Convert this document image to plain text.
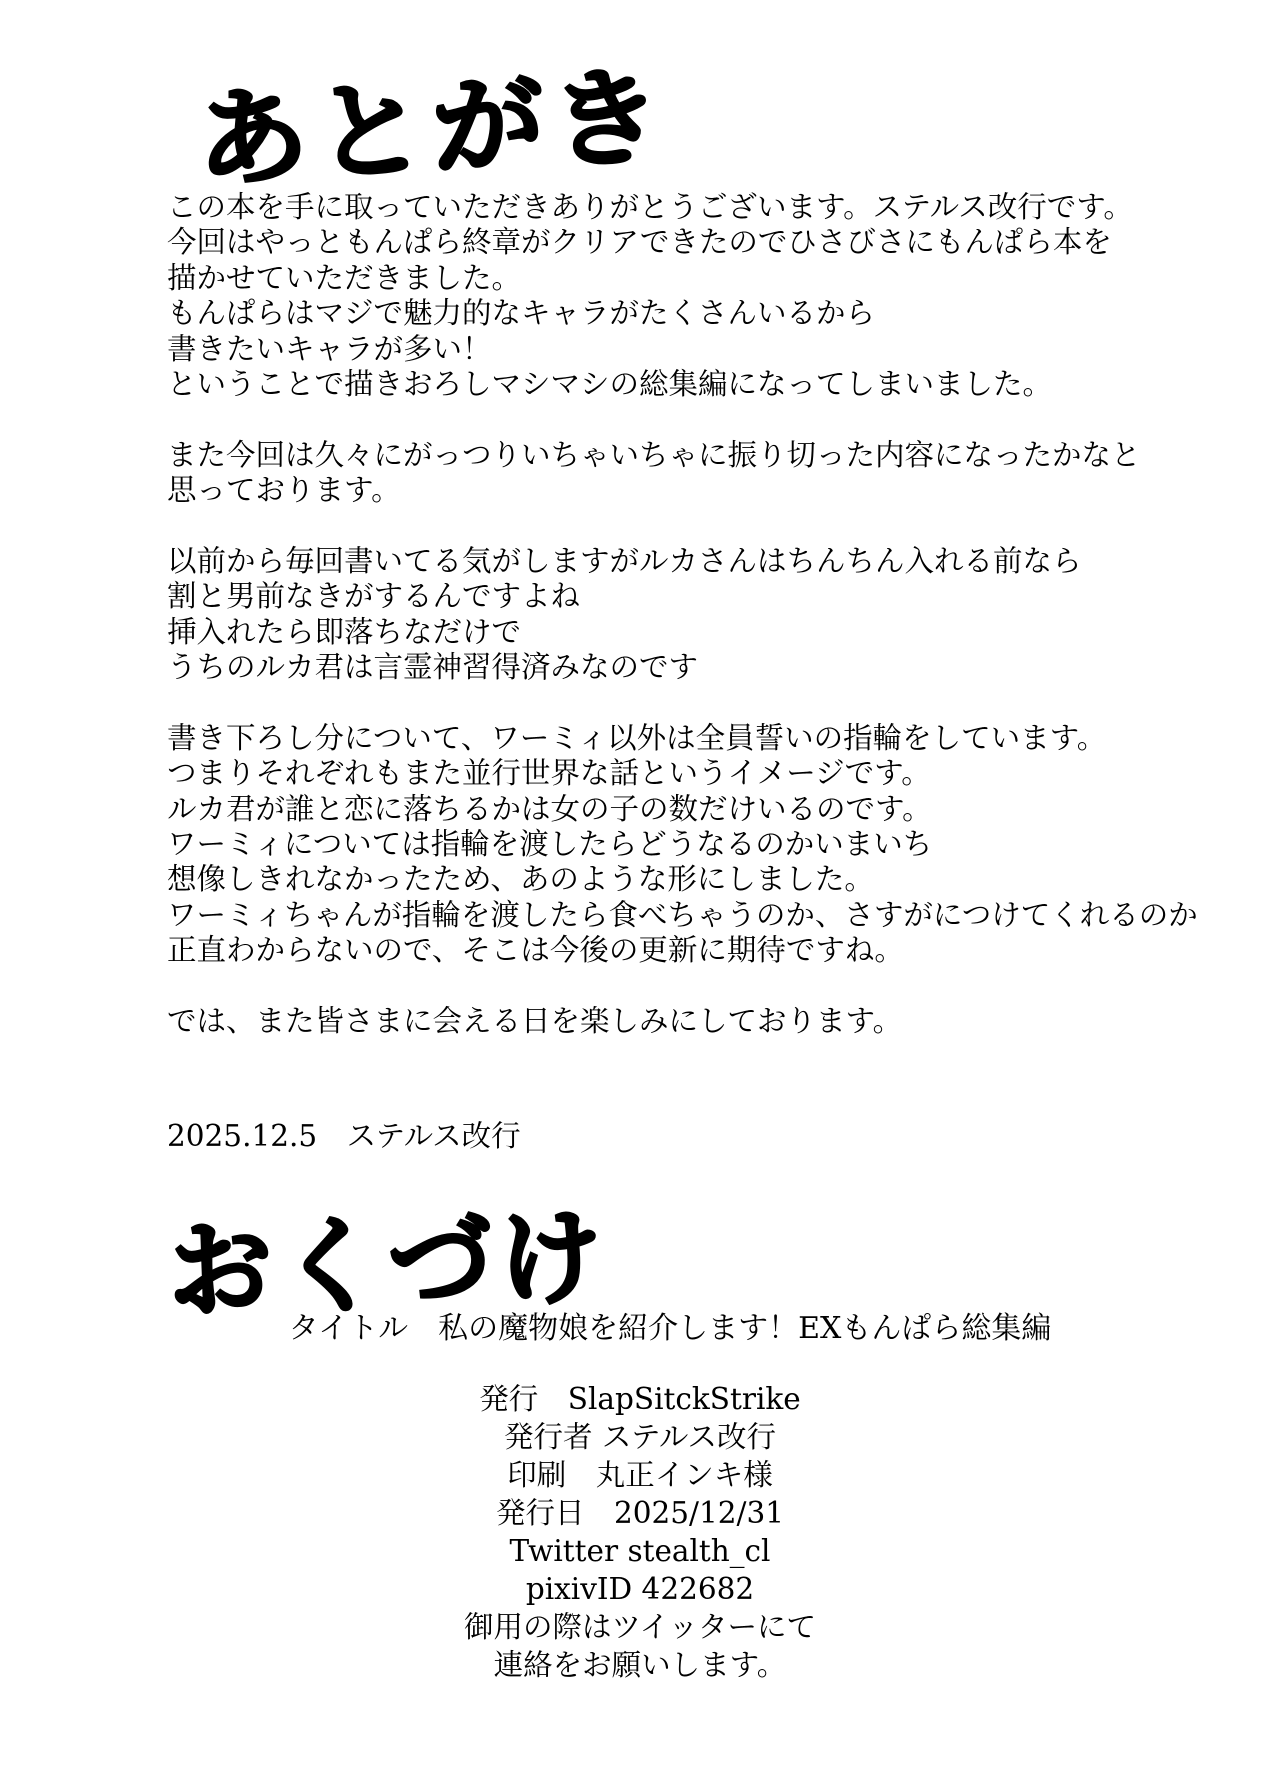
あとがき
この本を手に取っていただきありがとうございます。ステルス改行です。
今回はやっともんぱら終章がクリアできたのでひさびさにもんぱら本を
描かせていただきました。
もんぱらはマジで魅力的なキャラがたくさんいるから
書きたいキャラが多い！
ということで描きおろしマシマシの総集編になってしまいました。
また今回は久々にがっつりいちゃいちゃに振り切った内容になったかなと
思っております。
以前から毎回書いてる気がしますがルカさんはちんちん入れる前なら
割と男前なきがするんですよね
挿入れたら即落ちなだけで
うちのルカ君は言霊神習得済みなのです
書き下ろし分について、ワーミィ以外は全員誓いの指輪をしています。
つまりそれぞれもまた並行世界な話というイメージです。
ルカ君が誰と恋に落ちるかは女の子の数だけいるのです。
ワーミィについては指輪を渡したらどうなるのかいまいち
想像しきれなかったため、あのような形にしました。
ワーミィちゃんが指輪を渡したら食べちゃうのか、さすがにつけてくれるのか
正直わからないので、そこは今後の更新に期待ですね。
では、また皆さまに会える日を楽しみにしております。
2025.12.5　ステルス改行
おくづけ
タイトル　私の魔物娘を紹介します！EXもんぱら総集編
発行　SlapSitckStrike
発行者 ステルス改行
印刷　丸正インキ様
発行日　2025/12/31
Twitter stealth_cl
pixivID 422682
御用の際はツイッターにて
連絡をお願いします。
